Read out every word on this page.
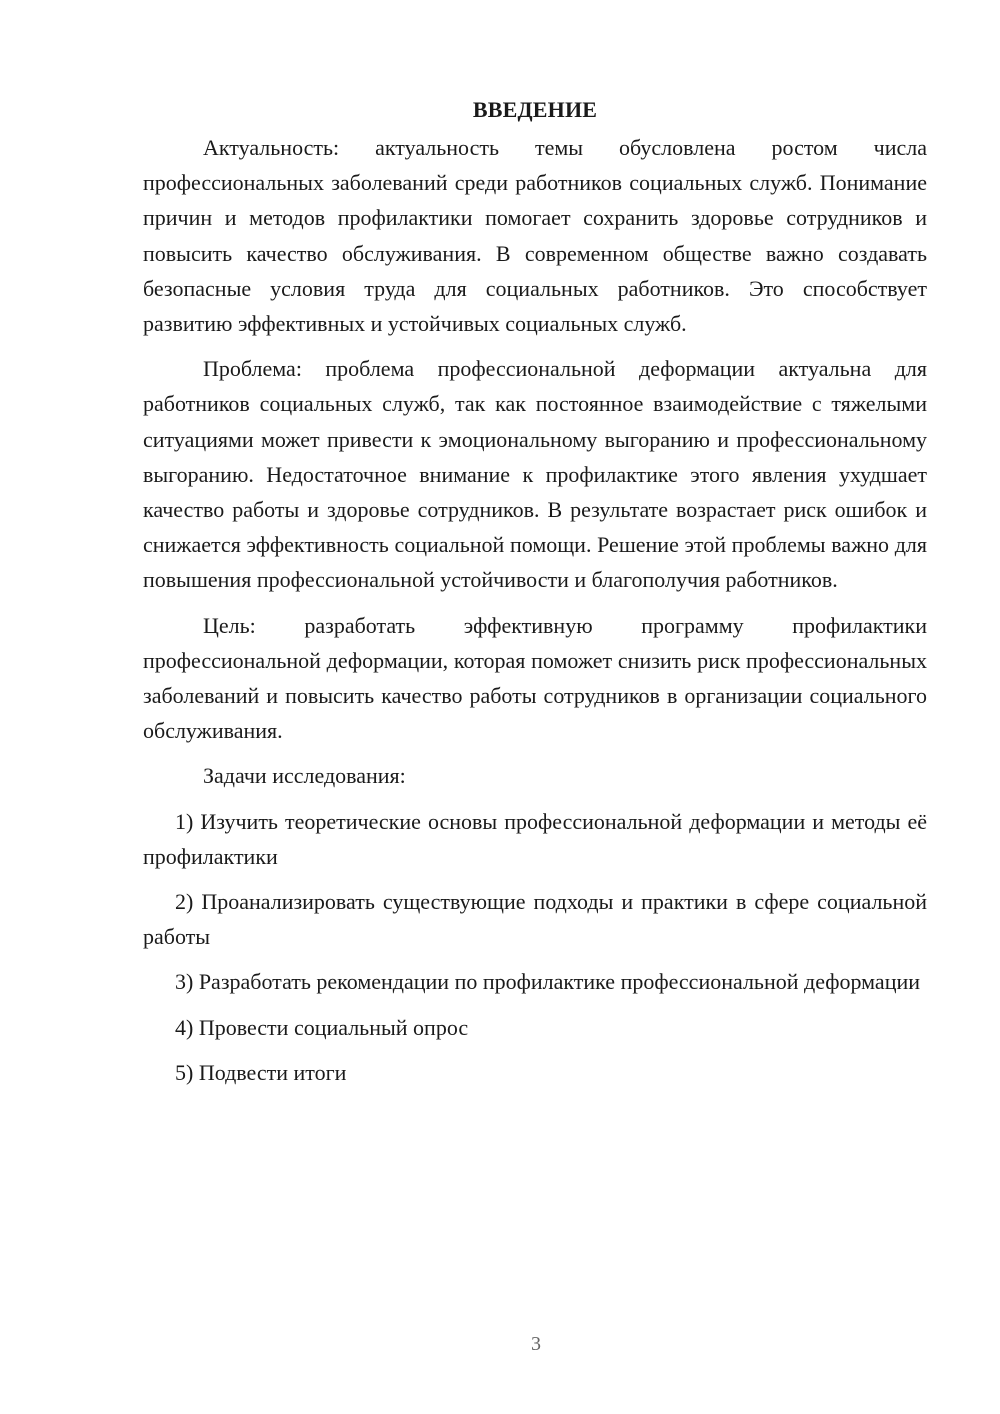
ВВЕДЕНИЕ

Актуальность: актуальность темы обусловлена ростом числа профессиональных заболеваний среди работников социальных служб. Понимание причин и методов профилактики помогает сохранить здоровье сотрудников и повысить качество обслуживания. В современном обществе важно создавать безопасные условия труда для социальных работников. Это способствует развитию эффективных и устойчивых социальных служб.

Проблема: проблема профессиональной деформации актуальна для работников социальных служб, так как постоянное взаимодействие с тяжелыми ситуациями может привести к эмоциональному выгоранию и профессиональному выгоранию. Недостаточное внимание к профилактике этого явления ухудшает качество работы и здоровье сотрудников. В результате возрастает риск ошибок и снижается эффективность социальной помощи. Решение этой проблемы важно для повышения профессиональной устойчивости и благополучия работников.

Цель: разработать эффективную программу профилактики профессиональной деформации, которая поможет снизить риск профессиональных заболеваний и повысить качество работы сотрудников в организации социального обслуживания.

Задачи исследования:

1) Изучить теоретические основы профессиональной деформации и методы её профилактики

2) Проанализировать существующие подходы и практики в сфере социальной работы

3) Разработать рекомендации по профилактике профессиональной деформации

4) Провести социальный опрос

5) Подвести итоги

3
